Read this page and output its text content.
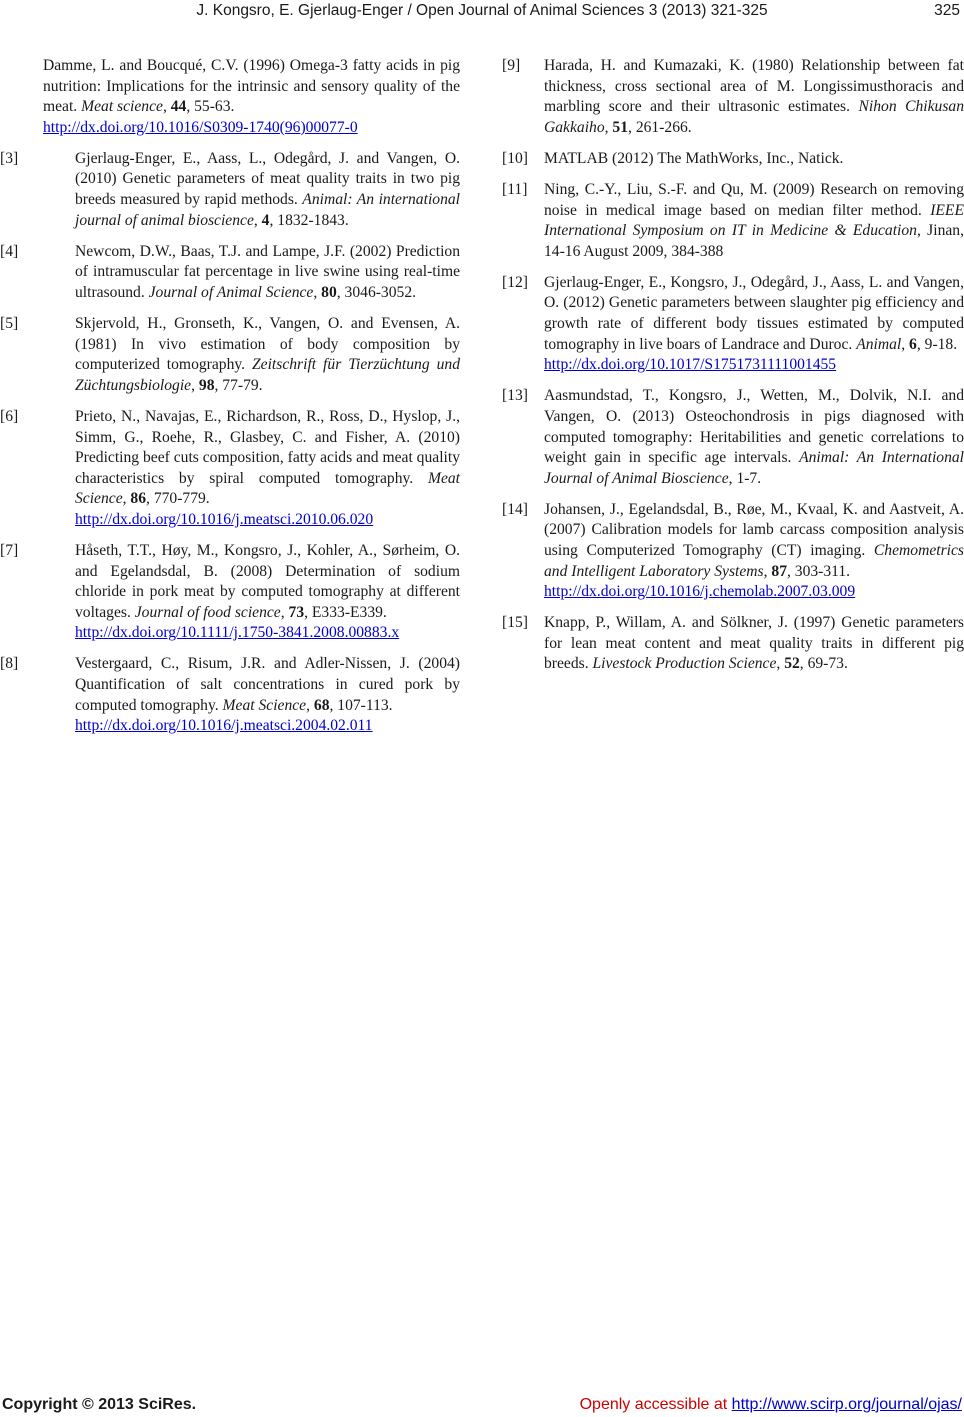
J. Kongsro, E. Gjerlaug-Enger / Open Journal of Animal Sciences 3 (2013) 321-325	325
Damme, L. and Boucqué, C.V. (1996) Omega-3 fatty acids in pig nutrition: Implications for the intrinsic and sensory quality of the meat. Meat science, 44, 55-63.
http://dx.doi.org/10.1016/S0309-1740(96)00077-0
[3]	Gjerlaug-Enger, E., Aass, L., Odegård, J. and Vangen, O. (2010) Genetic parameters of meat quality traits in two pig breeds measured by rapid methods. Animal: An international journal of animal bioscience, 4, 1832-1843.
[4]	Newcom, D.W., Baas, T.J. and Lampe, J.F. (2002) Prediction of intramuscular fat percentage in live swine using real-time ultrasound. Journal of Animal Science, 80, 3046-3052.
[5]	Skjervold, H., Gronseth, K., Vangen, O. and Evensen, A. (1981) In vivo estimation of body composition by computerized tomography. Zeitschrift für Tierzüchtung und Züchtungsbiologie, 98, 77-79.
[6]	Prieto, N., Navajas, E., Richardson, R., Ross, D., Hyslop, J., Simm, G., Roehe, R., Glasbey, C. and Fisher, A. (2010) Predicting beef cuts composition, fatty acids and meat quality characteristics by spiral computed tomography. Meat Science, 86, 770-779.
http://dx.doi.org/10.1016/j.meatsci.2010.06.020
[7]	Håseth, T.T., Høy, M., Kongsro, J., Kohler, A., Sørheim, O. and Egelandsdal, B. (2008) Determination of sodium chloride in pork meat by computed tomography at different voltages. Journal of food science, 73, E333-E339.
http://dx.doi.org/10.1111/j.1750-3841.2008.00883.x
[8]	Vestergaard, C., Risum, J.R. and Adler-Nissen, J. (2004) Quantification of salt concentrations in cured pork by computed tomography. Meat Science, 68, 107-113.
http://dx.doi.org/10.1016/j.meatsci.2004.02.011
[9] Harada, H. and Kumazaki, K. (1980) Relationship between fat thickness, cross sectional area of M. Longissimusthoracis and marbling score and their ultrasonic estimates. Nihon Chikusan Gakkaiho, 51, 261-266.
[10] MATLAB (2012) The MathWorks, Inc., Natick.
[11] Ning, C.-Y., Liu, S.-F. and Qu, M. (2009) Research on removing noise in medical image based on median filter method. IEEE International Symposium on IT in Medicine & Education, Jinan, 14-16 August 2009, 384-388
[12] Gjerlaug-Enger, E., Kongsro, J., Odegård, J., Aass, L. and Vangen, O. (2012) Genetic parameters between slaughter pig efficiency and growth rate of different body tissues estimated by computed tomography in live boars of Landrace and Duroc. Animal, 6, 9-18.
http://dx.doi.org/10.1017/S1751731111001455
[13] Aasmundstad, T., Kongsro, J., Wetten, M., Dolvik, N.I. and Vangen, O. (2013) Osteochondrosis in pigs diagnosed with computed tomography: Heritabilities and genetic correlations to weight gain in specific age intervals. Animal: An International Journal of Animal Bioscience, 1-7.
[14] Johansen, J., Egelandsdal, B., Røe, M., Kvaal, K. and Aastveit, A. (2007) Calibration models for lamb carcass composition analysis using Computerized Tomography (CT) imaging. Chemometrics and Intelligent Laboratory Systems, 87, 303-311.
http://dx.doi.org/10.1016/j.chemolab.2007.03.009
[15] Knapp, P., Willam, A. and Sölkner, J. (1997) Genetic parameters for lean meat content and meat quality traits in different pig breeds. Livestock Production Science, 52, 69-73.
Copyright © 2013 SciRes.	Openly accessible at http://www.scirp.org/journal/ojas/
